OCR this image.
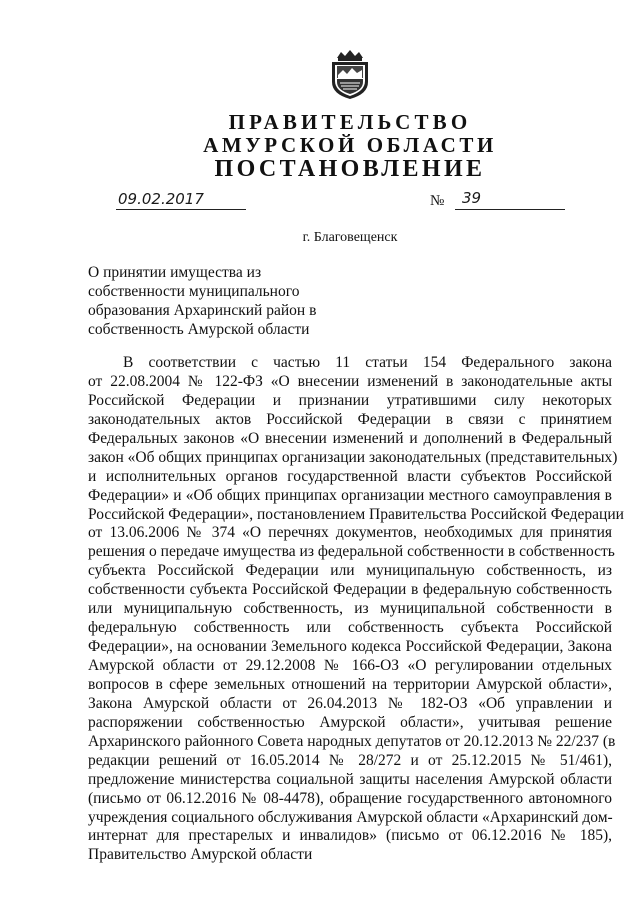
ПРАВИТЕЛЬСТВО
АМУРСКОЙ ОБЛАСТИ
ПОСТАНОВЛЕНИЕ
09.02.2017	№ 39
г. Благовещенск
О принятии имущества из
собственности муниципального
образования Архаринский район в
собственность Амурской области
В соответствии с частью 11 статьи 154 Федерального закона
от 22.08.2004 № 122-ФЗ «О внесении изменений в законодательные акты
Российской Федерации и признании утратившими силу некоторых
законодательных актов Российской Федерации в связи с принятием
Федеральных законов «О внесении изменений и дополнений в Федеральный
закон «Об общих принципах организации законодательных (представительных)
и исполнительных органов государственной власти субъектов Российской
Федерации» и «Об общих принципах организации местного самоуправления в
Российской Федерации», постановлением Правительства Российской Федерации
от 13.06.2006 № 374 «О перечнях документов, необходимых для принятия
решения о передаче имущества из федеральной собственности в собственность
субъекта Российской Федерации или муниципальную собственность, из
собственности субъекта Российской Федерации в федеральную собственность
или муниципальную собственность, из муниципальной собственности в
федеральную собственность или собственность субъекта Российской
Федерации», на основании Земельного кодекса Российской Федерации, Закона
Амурской области от 29.12.2008 № 166-ОЗ «О регулировании отдельных
вопросов в сфере земельных отношений на территории Амурской области»,
Закона Амурской области от 26.04.2013 № 182-ОЗ «Об управлении и
распоряжении собственностью Амурской области», учитывая решение
Архаринского районного Совета народных депутатов от 20.12.2013 № 22/237 (в
редакции решений от 16.05.2014 № 28/272 и от 25.12.2015 № 51/461),
предложение министерства социальной защиты населения Амурской области
(письмо от 06.12.2016 № 08-4478), обращение государственного автономного
учреждения социального обслуживания Амурской области «Архаринский дом-
интернат для престарелых и инвалидов» (письмо от 06.12.2016 № 185),
Правительство Амурской области
